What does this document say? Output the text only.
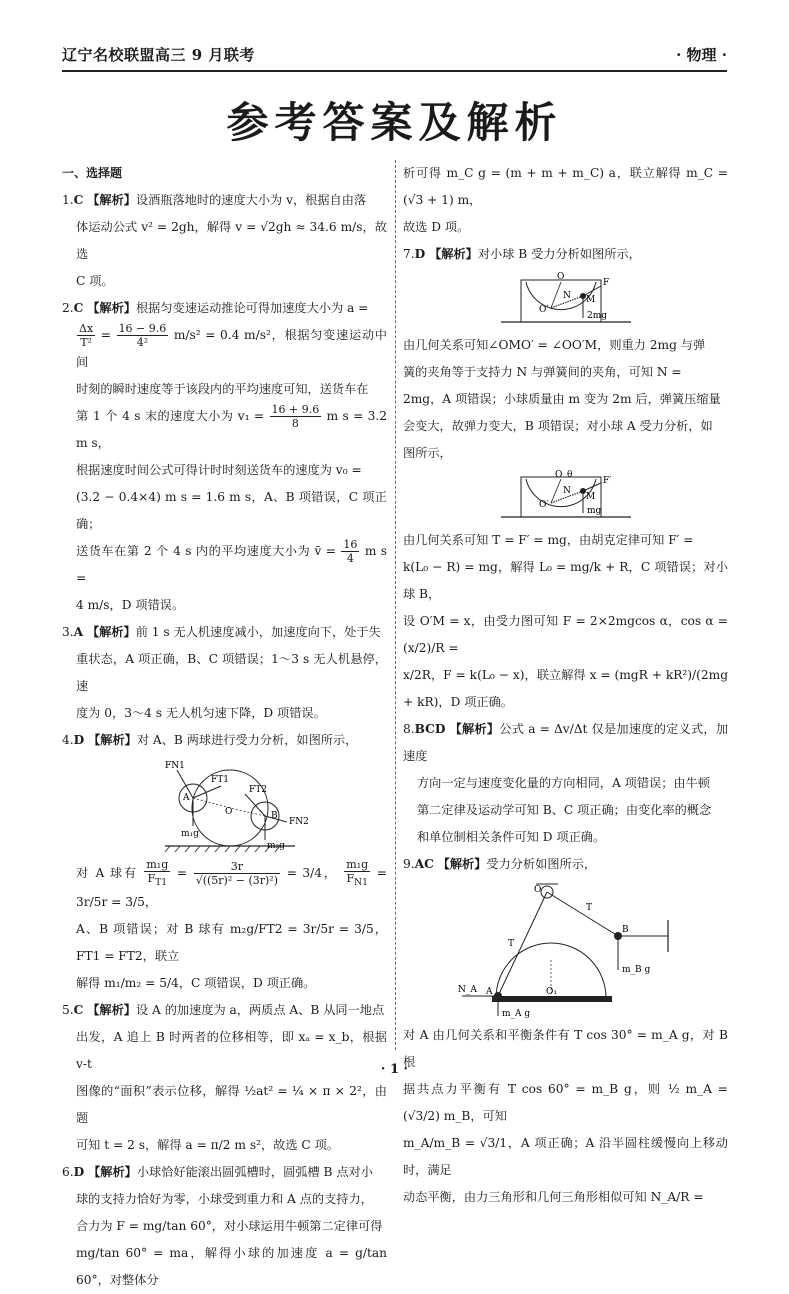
辽宁名校联盟高三 9 月联考	· 物理 ·
参考答案及解析

一、选择题

1.C 【解析】设酒瓶落地时的速度大小为 v，根据自由落

体运动公式 v² = 2gh，解得 v = √2gh ≈ 34.6 m/s，故选

C 项。

2.C 【解析】根据匀变速运动推论可得加速度大小为 a =

$\frac{\Delta x}{\text{T²}} = \frac{16 - 9.6}{\text{4²}} m/s^2 = 0.4$ m/s²，根据匀变速运动中间

时刻的瞬时速度等于该段内的平均速度可知，送货车在

第 1 个 4 s 末的速度大小为 $v_1 = \frac{16 + 9.6}{8}$ m s = 3.2 m s，

根据速度时间公式可得计时时刻送货车的速度为 v₀ =

(3.2 − 0.4×4) m s = 1.6 m s，A、B 项错误，C 项正确；

送货车在第 2 个 4 s 内的平均速度大小为 v̄ = $\frac{16}{4}$ m s =

4 m/s，D 项错误。

3.A 【解析】前 1 s 无人机速度减小，加速度向下，处于失

重状态，A 项正确，B、C 项错误；1～3 s 无人机悬停，速

度为 0，3～4 s 无人机匀速下降，D 项错误。

4.D 【解析】对 A、B 两球进行受力分析，如图所示，

FN1
FT1
FT2
FN2
A
B
O
m₁g
m₂g

对 A 球有 $\frac{\text{m₁g}}{F_{T1}} = \frac{3r}{\text{√((5r)² − (3r)²)}} = 3/4$， $\frac{\text{m₁g}}{F_{N1}} = 3r/5r = 3/5$，

A、B 项错误；对 B 球有 m₂g/FT2 = 3r/5r = 3/5，FT1 = FT2，联立

解得 m₁/m₂ = 5/4，C 项错误，D 项正确。

5.C 【解析】设 A 的加速度为 a，两质点 A、B 从同一地点

出发，A 追上 B 时两者的位移相等，即 xₐ = x_b，根据 v-t

图像的“面积”表示位移，解得 ½at² = ¼ × π × 2²，由题

可知 t = 2 s，解得 a = π/2 m s²，故选 C 项。

6.D 【解析】小球恰好能滚出圆弧槽时，圆弧槽 B 点对小

球的支持力恰好为零，小球受到重力和 A 点的支持力，

合力为 F = mg/tan 60°，对小球运用牛顿第二定律可得

mg/tan 60° = ma，解得小球的加速度 a = g/tan 60°，对整体分

析可得 m_C g = (m + m + m_C) a，联立解得 m_C = (√3 + 1) m，

故选 D 项。

7.D 【解析】对小球 B 受力分析如图所示，

O
F
N M
O′
2mg

由几何关系可知∠OMO′ = ∠OO′M，则重力 2mg 与弹

簧的夹角等于支持力 N 与弹簧间的夹角，可知 N =

2mg，A 项错误；小球质量由 m 变为 2m 后，弹簧压缩量

会变大，故弹力变大，B 项错误；对小球 A 受力分析，如

图所示，

O θ
F′
N
M
O′
mg

由几何关系可知 T = F′ = mg，由胡克定律可知 F′ =

k(L₀ − R) = mg，解得 L₀ = mg/k + R，C 项错误；对小球 B，

设 O′M = x，由受力图可知 F = 2×2mgcos α，cos α = (x/2)/R =

x/2R，F = k(L₀ − x)，联立解得 x = (mgR + kR²)/(2mg + kR)，D 项正确。

8.BCD 【解析】公式 a = Δv/Δt 仅是加速度的定义式，加速度

方向一定与速度变化量的方向相同，A 项错误；由牛顿

第二定律及运动学可知 B、C 项正确；由变化率的概念

和单位制相关条件可知 D 项正确。

9.AC 【解析】受力分析如图所示，

O
T
T
B
A	O₁
N_A
m_A g
m_B g

对 A 由几何关系和平衡条件有 T cos 30° = m_A g，对 B 根

据共点力平衡有 T cos 60° = m_B g，则 ½ m_A = (√3/2) m_B，可知

m_A/m_B = √3/1，A 项正确；A 沿半圆柱缓慢向上移动时，满足

动态平衡，由力三角形和几何三角形相似可知 N_A/R =

· 1 ·
